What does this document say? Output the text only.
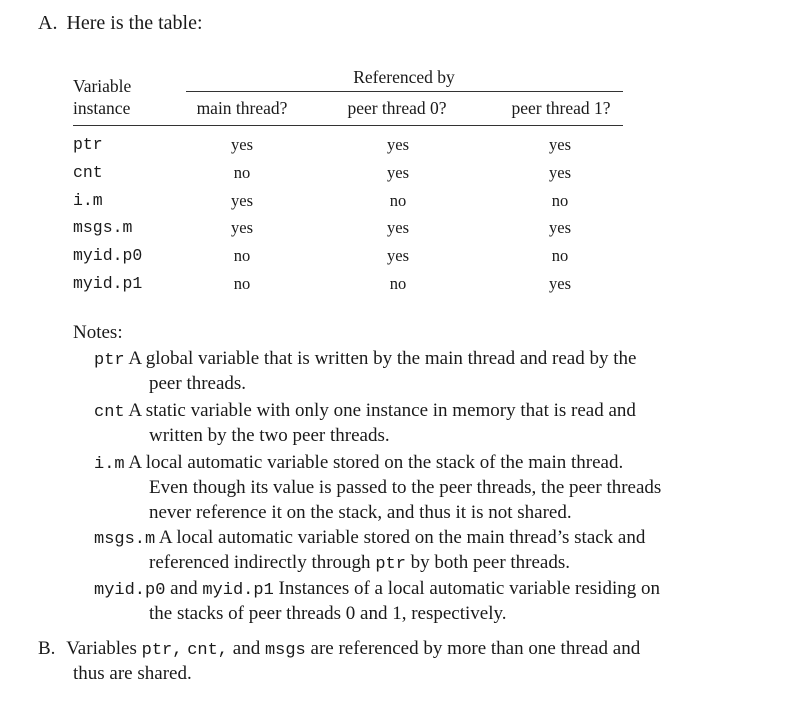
A. Here is the table:
Variable
instance
Referenced by
main thread?	peer thread 0?	peer thread 1?
ptr	yes	yes	yes
cnt	no	yes	yes
i.m	yes	no	no
msgs.m	yes	yes	yes
myid.p0	no	yes	no
myid.p1	no	no	yes
Notes:
ptr A global variable that is written by the main thread and read by the
peer threads.
cnt A static variable with only one instance in memory that is read and
written by the two peer threads.
i.m A local automatic variable stored on the stack of the main thread.
Even though its value is passed to the peer threads, the peer threads
never reference it on the stack, and thus it is not shared.
msgs.m A local automatic variable stored on the main thread’s stack and
referenced indirectly through ptr by both peer threads.
myid.p0 and myid.p1 Instances of a local automatic variable residing on
the stacks of peer threads 0 and 1, respectively.
B. Variables ptr, cnt, and msgs are referenced by more than one thread and
thus are shared.
